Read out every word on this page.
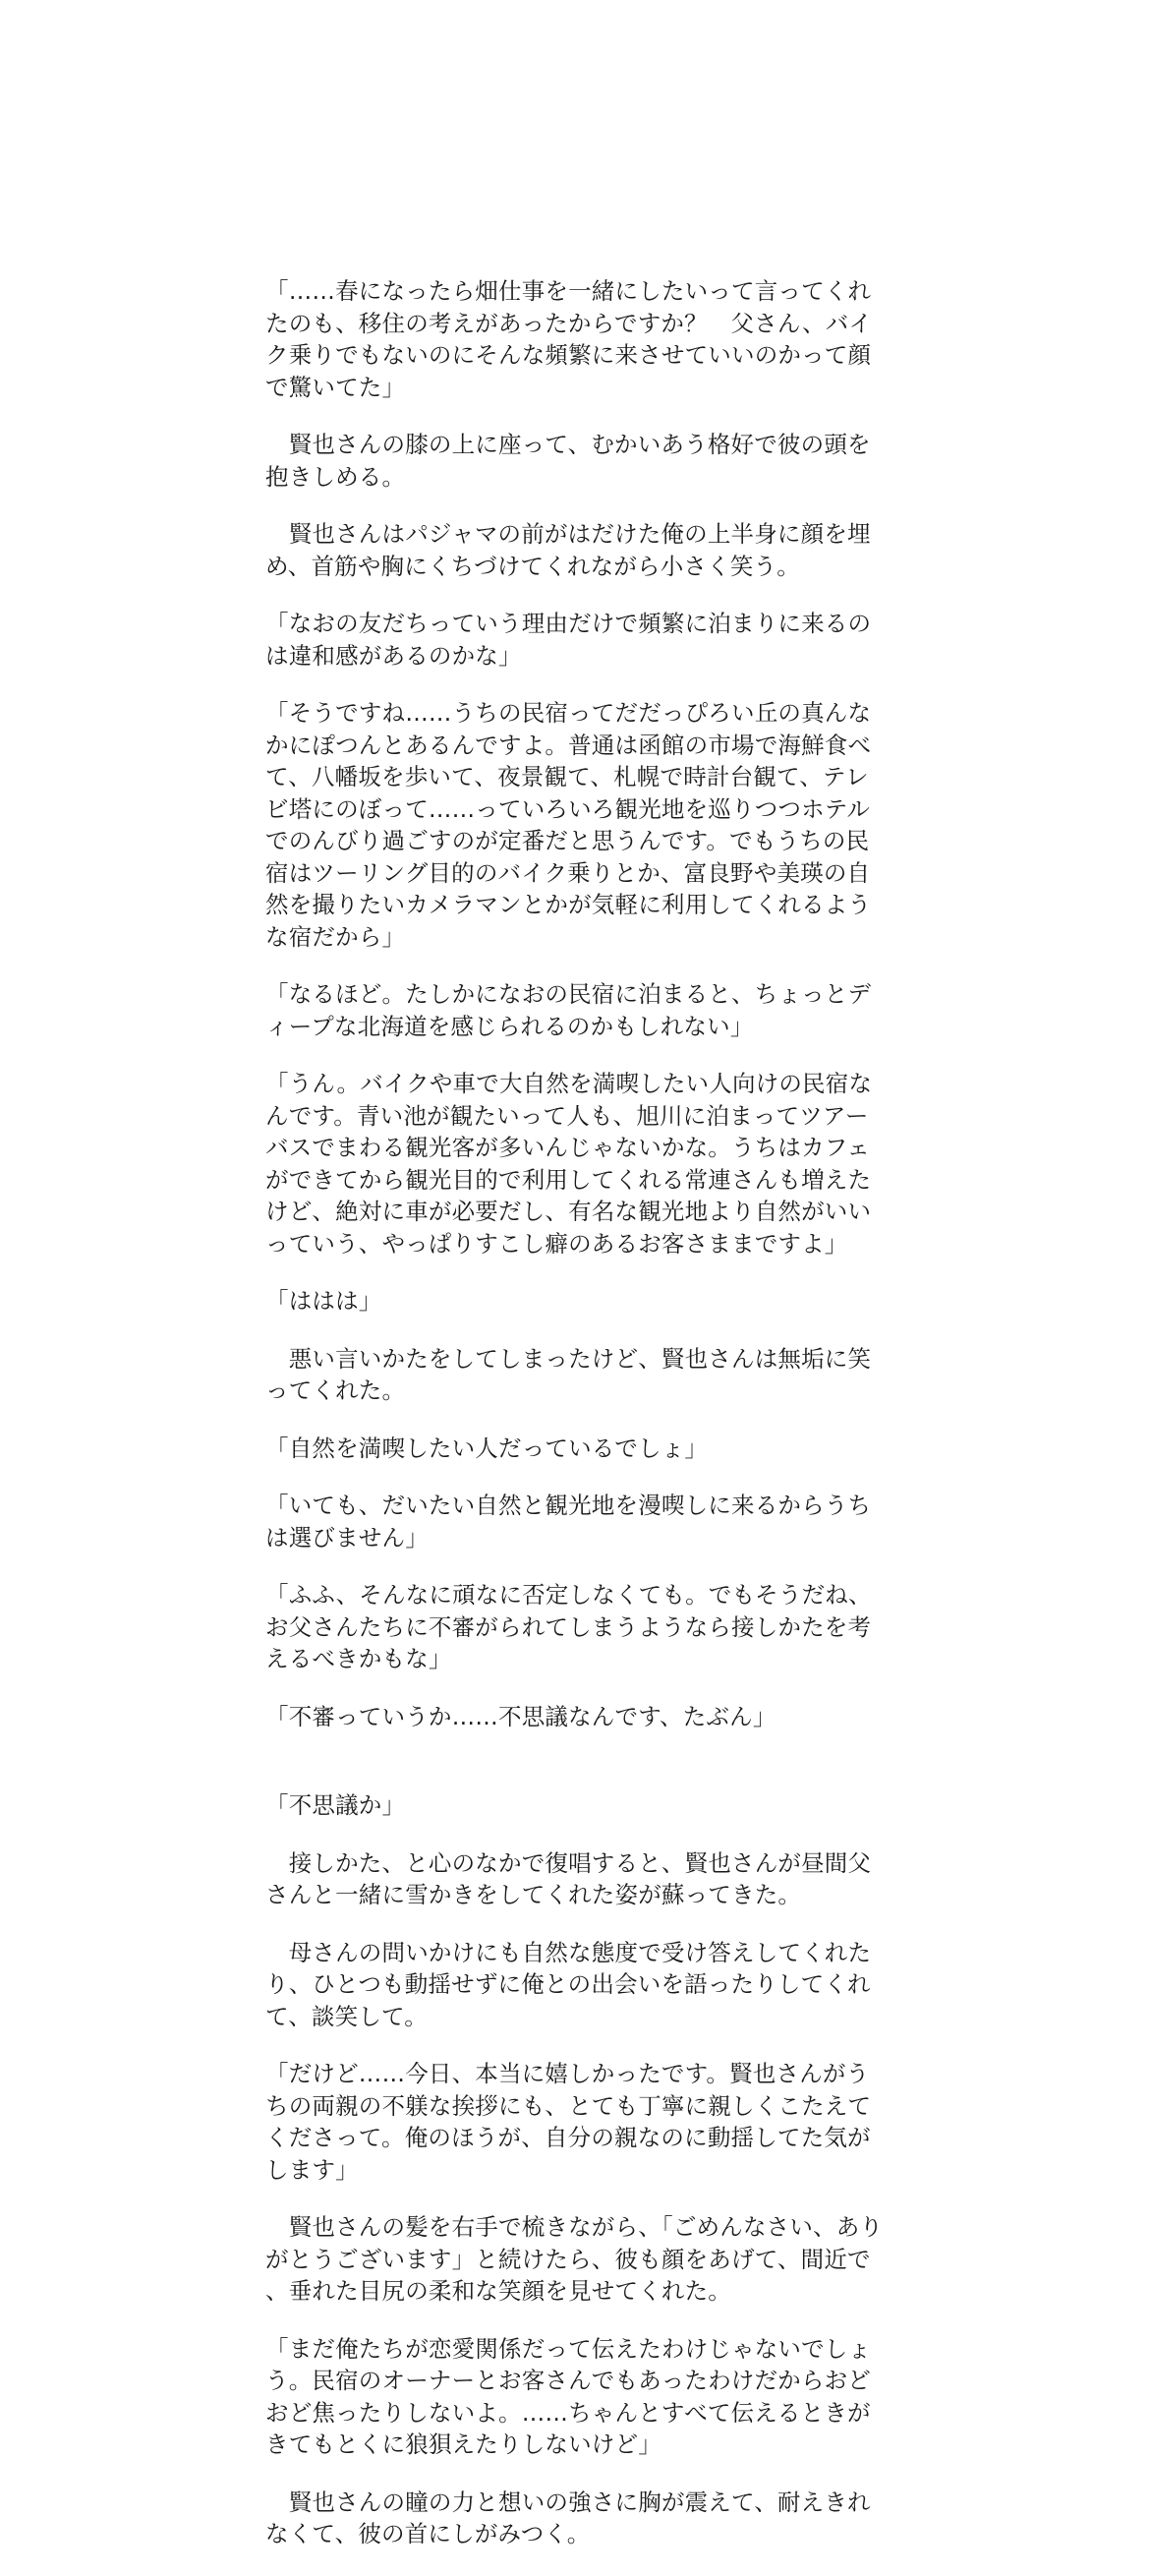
「……春になったら畑仕事を一緒にしたいって言ってくれたのも、移住の考えがあったからですか？　父さん、バイク乗りでもないのにそんな頻繁に来させていいのかって顔で驚いてた」

　賢也さんの膝の上に座って、むかいあう格好で彼の頭を抱きしめる。

　賢也さんはパジャマの前がはだけた俺の上半身に顔を埋め、首筋や胸にくちづけてくれながら小さく笑う。

「なおの友だちっていう理由だけで頻繁に泊まりに来るのは違和感があるのかな」

「そうですね……うちの民宿ってだだっぴろい丘の真んなかにぽつんとあるんですよ。普通は函館の市場で海鮮食べて、八幡坂を歩いて、夜景観て、札幌で時計台観て、テレビ塔にのぼって……っていろいろ観光地を巡りつつホテルでのんびり過ごすのが定番だと思うんです。でもうちの民宿はツーリング目的のバイク乗りとか、富良野や美瑛の自然を撮りたいカメラマンとかが気軽に利用してくれるような宿だから」

「なるほど。たしかになおの民宿に泊まると、ちょっとディープな北海道を感じられるのかもしれない」

「うん。バイクや車で大自然を満喫したい人向けの民宿なんです。青い池が観たいって人も、旭川に泊まってツアーバスでまわる観光客が多いんじゃないかな。うちはカフェができてから観光目的で利用してくれる常連さんも増えたけど、絶対に車が必要だし、有名な観光地より自然がいいっていう、やっぱりすこし癖のあるお客さままですよ」

「ははは」

　悪い言いかたをしてしまったけど、賢也さんは無垢に笑ってくれた。

「自然を満喫したい人だっているでしょ」

「いても、だいたい自然と観光地を漫喫しに来るからうちは選びません」

「ふふ、そんなに頑なに否定しなくても。でもそうだね、お父さんたちに不審がられてしまうようなら接しかたを考えるべきかもな」

「不審っていうか……不思議なんです、たぶん」

「不思議か」

　接しかた、と心のなかで復唱すると、賢也さんが昼間父さんと一緒に雪かきをしてくれた姿が蘇ってきた。

　母さんの問いかけにも自然な態度で受け答えしてくれたり、ひとつも動揺せずに俺との出会いを語ったりしてくれて、談笑して。

「だけど……今日、本当に嬉しかったです。賢也さんがうちの両親の不躾な挨拶にも、とても丁寧に親しくこたえてくださって。俺のほうが、自分の親なのに動揺してた気がします」

　賢也さんの髪を右手で梳きながら、「ごめんなさい、ありがとうございます」と続けたら、彼も顔をあげて、間近で、垂れた目尻の柔和な笑顔を見せてくれた。

「まだ俺たちが恋愛関係だって伝えたわけじゃないでしょう。民宿のオーナーとお客さんでもあったわけだからおどおど焦ったりしないよ。……ちゃんとすべて伝えるときがきてもとくに狼狽えたりしないけど」

　賢也さんの瞳の力と想いの強さに胸が震えて、耐えきれなくて、彼の首にしがみつく。
